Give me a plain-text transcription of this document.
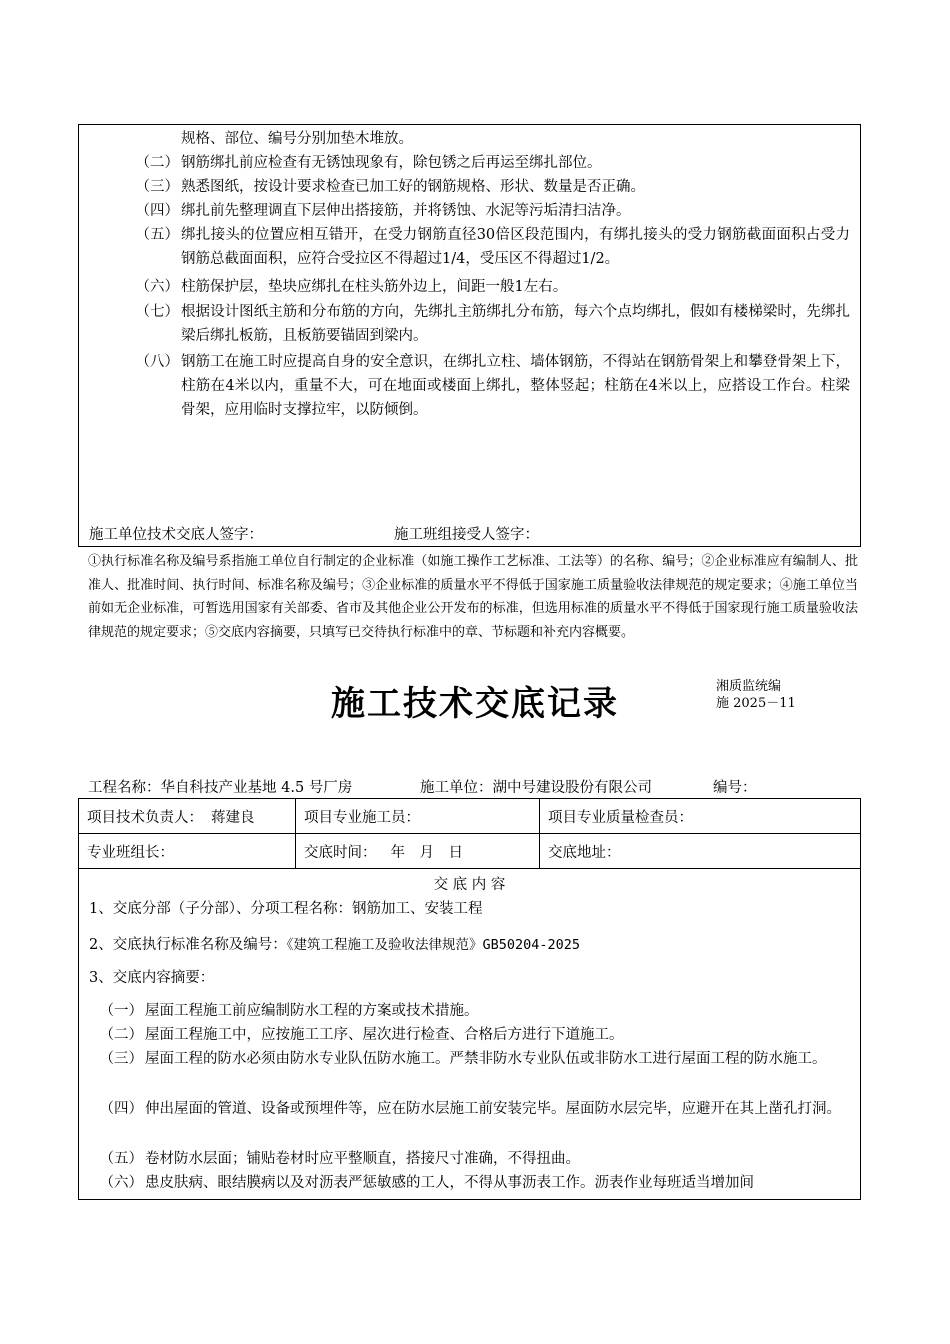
规格、部位、编号分别加垫木堆放。
（二） 钢筋绑扎前应检查有无锈蚀现象有，除包锈之后再运至绑扎部位。
（三） 熟悉图纸，按设计要求检查已加工好的钢筋规格、形状、数量是否正确。
（四） 绑扎前先整理调直下层伸出搭接筋，并将锈蚀、水泥等污垢清扫洁净。
（五） 绑扎接头的位置应相互错开，在受力钢筋直径30倍区段范围内，有绑扎接头的受力钢筋截面面积占受力钢筋总截面面积，应符合受拉区不得超过1/4，受压区不得超过1/2。
（六） 柱筋保护层，垫块应绑扎在柱头筋外边上，间距一般1左右。
（七） 根据设计图纸主筋和分布筋的方向，先绑扎主筋绑扎分布筋，每六个点均绑扎，假如有楼梯梁时，先绑扎梁后绑扎板筋，且板筋要锚固到梁内。
（八） 钢筋工在施工时应提高自身的安全意识，在绑扎立柱、墙体钢筋，不得站在钢筋骨架上和攀登骨架上下，柱筋在4米以内，重量不大，可在地面或楼面上绑扎，整体竖起；柱筋在4米以上，应搭设工作台。柱梁骨架，应用临时支撑拉牢，以防倾倒。
施工单位技术交底人签字：	施工班组接受人签字：
①执行标准名称及编号系指施工单位自行制定的企业标准（如施工操作工艺标准、工法等）的名称、编号；②企业标准应有编制人、批准人、批准时间、执行时间、标准名称及编号；③企业标准的质量水平不得低于国家施工质量验收法律规范的规定要求；④施工单位当前如无企业标准，可暂选用国家有关部委、省市及其他企业公开发布的标准，但选用标准的质量水平不得低于国家现行施工质量验收法律规范的规定要求；⑤交底内容摘要，只填写已交待执行标准中的章、节标题和补充内容概要。
施工技术交底记录	湘质监统编
施 2025－11
工程名称：华自科技产业基地 4.5 号厂房	施工单位：湖中号建设股份有限公司	编号：
项目技术负责人： 蒋建良	项目专业施工员：	项目专业质量检查员：
专业班组长：	交底时间： 年　月　日	交底地址：
交 底 内 容
1、交底分部（子分部）、分项工程名称：钢筋加工、安装工程
2、交底执行标准名称及编号：《建筑工程施工及验收法律规范》GB50204-2025
3、交底内容摘要：
（一） 屋面工程施工前应编制防水工程的方案或技术措施。
（二） 屋面工程施工中，应按施工工序、屋次进行检查、合格后方进行下道施工。
（三） 屋面工程的防水必须由防水专业队伍防水施工。严禁非防水专业队伍或非防水工进行屋面工程的防水施工。
（四） 伸出屋面的管道、设备或预埋件等，应在防水层施工前安装完毕。屋面防水层完毕，应避开在其上凿孔打洞。
（五） 卷材防水层面；铺贴卷材时应平整顺直，搭接尺寸准确，不得扭曲。
（六） 患皮肤病、眼结膜病以及对沥表严惩敏感的工人，不得从事沥表工作。沥表作业每班适当增加间
